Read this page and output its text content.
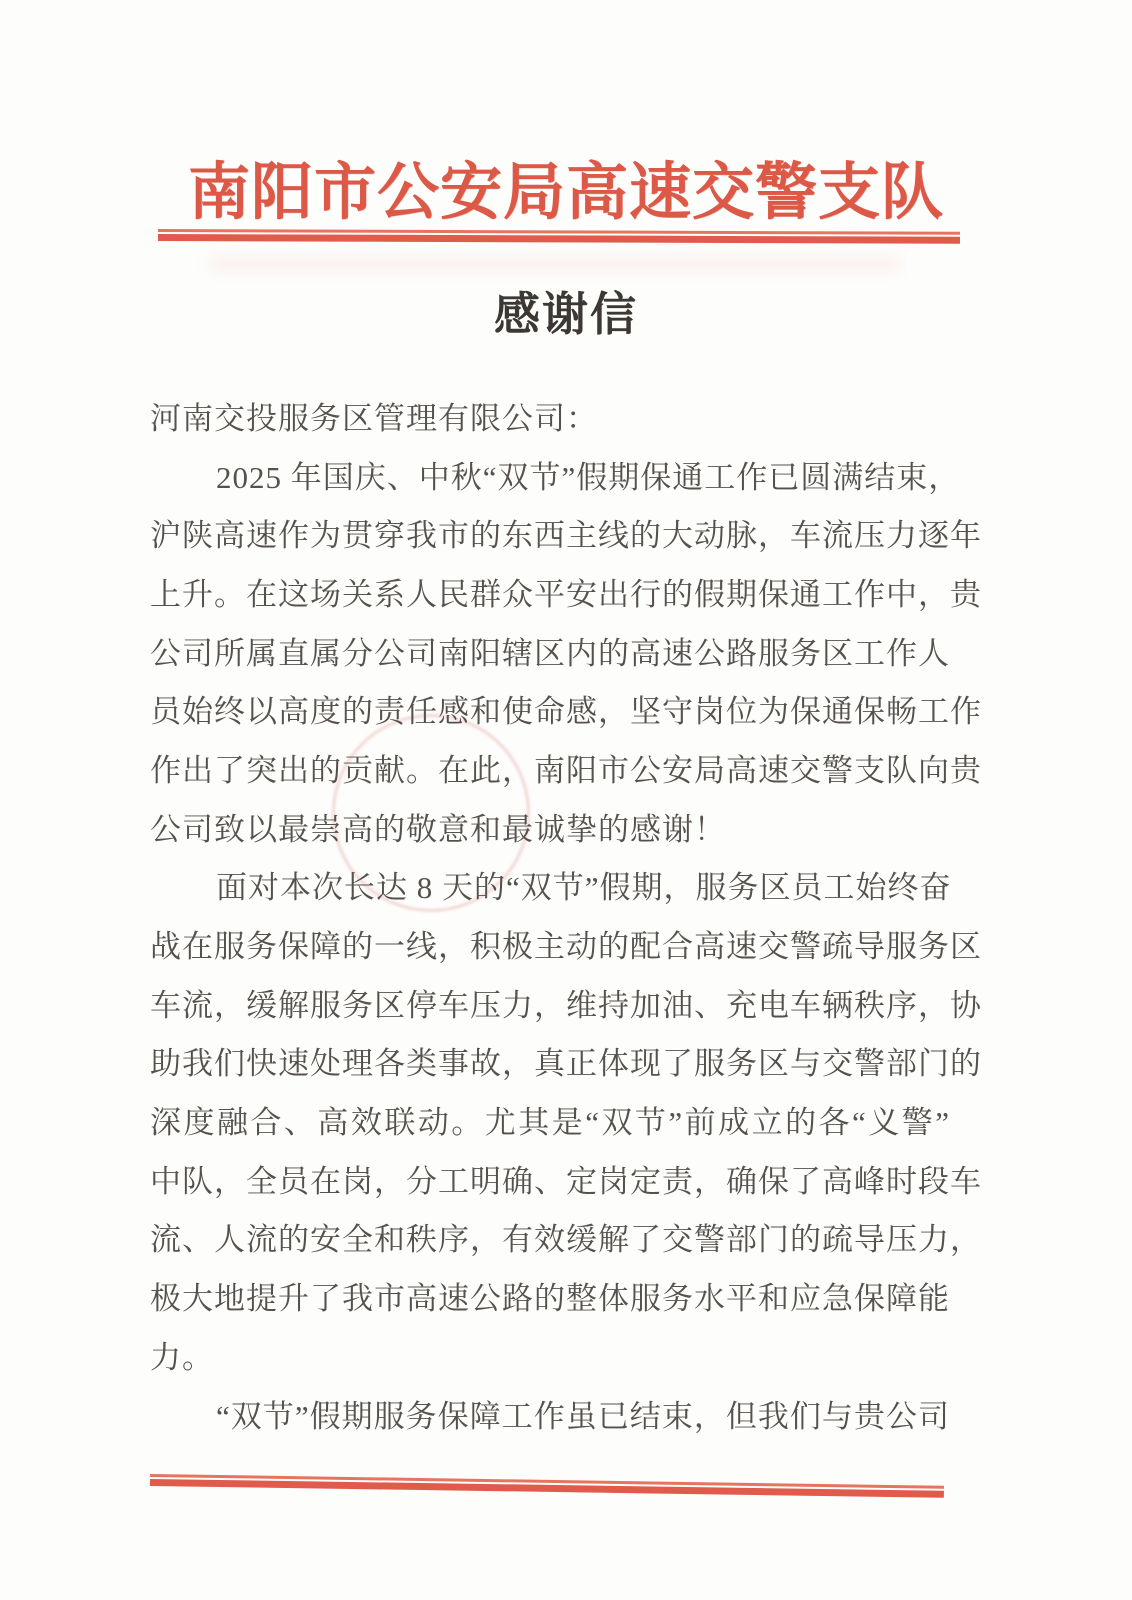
南阳市公安局高速交警支队
感谢信
河南交投服务区管理有限公司：
2025 年国庆、中秋“双节”假期保通工作已圆满结束，
沪陕高速作为贯穿我市的东西主线的大动脉，车流压力逐年
上升。在这场关系人民群众平安出行的假期保通工作中，贵
公司所属直属分公司南阳辖区内的高速公路服务区工作人
员始终以高度的责任感和使命感，坚守岗位为保通保畅工作
作出了突出的贡献。在此，南阳市公安局高速交警支队向贵
公司致以最崇高的敬意和最诚挚的感谢！
面对本次长达 8 天的“双节”假期，服务区员工始终奋
战在服务保障的一线，积极主动的配合高速交警疏导服务区
车流，缓解服务区停车压力，维持加油、充电车辆秩序，协
助我们快速处理各类事故，真正体现了服务区与交警部门的
深度融合、高效联动。尤其是“双节”前成立的各“义警”
中队，全员在岗，分工明确、定岗定责，确保了高峰时段车
流、人流的安全和秩序，有效缓解了交警部门的疏导压力，
极大地提升了我市高速公路的整体服务水平和应急保障能
力。
“双节”假期服务保障工作虽已结束，但我们与贵公司
